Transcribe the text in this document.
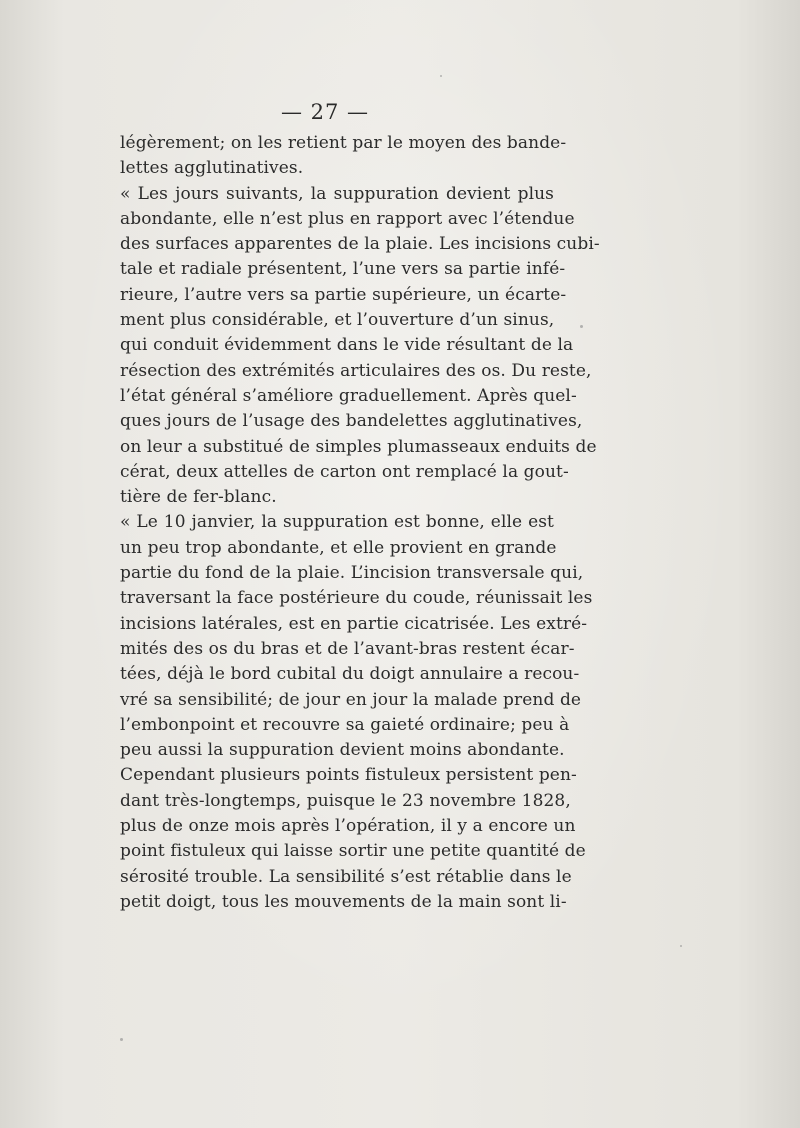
— 27 —
légèrement; on les retient par le moyen des bande-
lettes agglutinatives.
« Les jours suivants, la suppuration devient plus
abondante, elle n’est plus en rapport avec l’étendue
des surfaces apparentes de la plaie. Les incisions cubi-
tale et radiale présentent, l’une vers sa partie infé-
rieure, l’autre vers sa partie supérieure, un écarte-
ment plus considérable, et l’ouverture d’un sinus,
qui conduit évidemment dans le vide résultant de la
résection des extrémités articulaires des os. Du reste,
l’état général s’améliore graduellement. Après quel-
ques jours de l’usage des bandelettes agglutinatives,
on leur a substitué de simples plumasseaux enduits de
cérat, deux attelles de carton ont remplacé la gout-
tière de fer-blanc.
« Le 10 janvier, la suppuration est bonne, elle est
un peu trop abondante, et elle provient en grande
partie du fond de la plaie. L’incision transversale qui,
traversant la face postérieure du coude, réunissait les
incisions latérales, est en partie cicatrisée. Les extré-
mités des os du bras et de l’avant-bras restent écar-
tées, déjà le bord cubital du doigt annulaire a recou-
vré sa sensibilité; de jour en jour la malade prend de
l’embonpoint et recouvre sa gaieté ordinaire; peu à
peu aussi la suppuration devient moins abondante.
Cependant plusieurs points fistuleux persistent pen-
dant très-longtemps, puisque le 23 novembre 1828,
plus de onze mois après l’opération, il y a encore un
point fistuleux qui laisse sortir une petite quantité de
sérosité trouble. La sensibilité s’est rétablie dans le
petit doigt, tous les mouvements de la main sont li-
